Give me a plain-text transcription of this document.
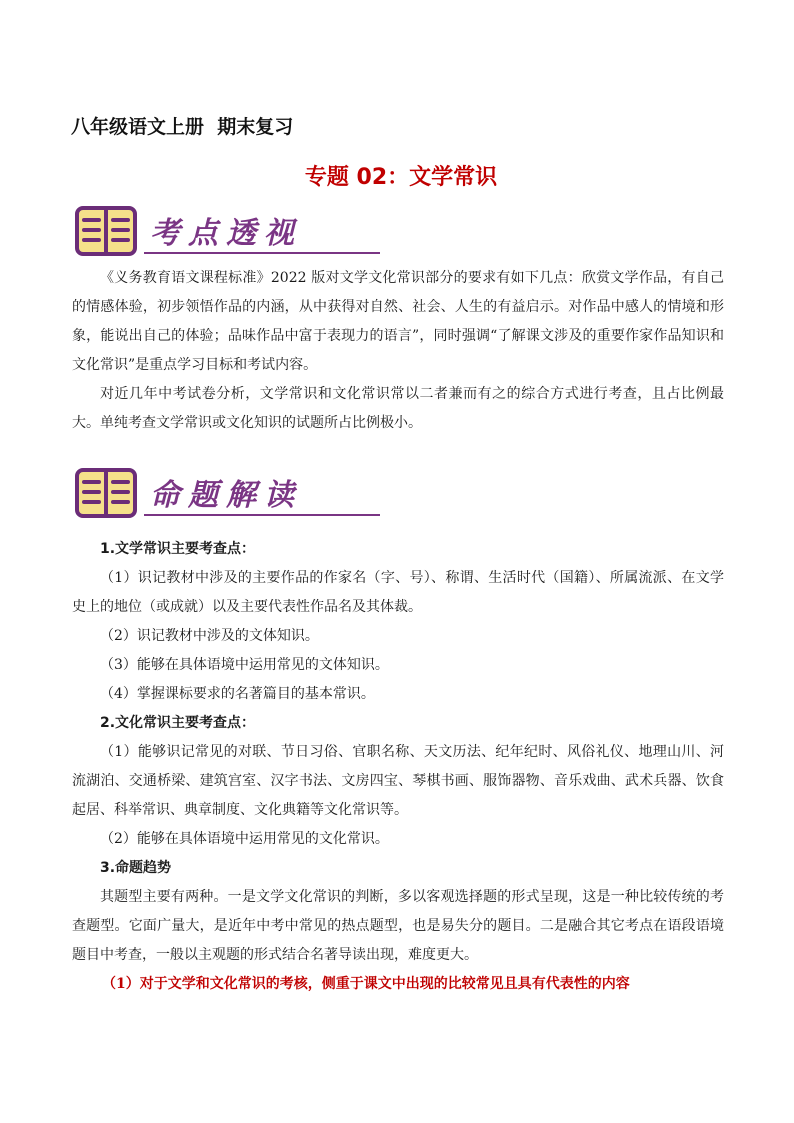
八年级语文上册  期末复习
专题 02：文学常识
考点透视

《义务教育语文课程标准》2022 版对文学文化常识部分的要求有如下几点：欣赏文学作品，有自己的情感体验，初步领悟作品的内涵，从中获得对自然、社会、人生的有益启示。对作品中感人的情境和形象，能说出自己的体验；品味作品中富于表现力的语言”，同时强调“了解课文涉及的重要作家作品知识和文化常识”是重点学习目标和考试内容。

对近几年中考试卷分析，文学常识和文化常识常以二者兼而有之的综合方式进行考查，且占比例最大。单纯考查文学常识或文化知识的试题所占比例极小。

命题解读

1.文学常识主要考查点：

（1）识记教材中涉及的主要作品的作家名（字、号）、称谓、生活时代（国籍）、所属流派、在文学史上的地位（或成就）以及主要代表性作品名及其体裁。

（2）识记教材中涉及的文体知识。

（3）能够在具体语境中运用常见的文体知识。

（4）掌握课标要求的名著篇目的基本常识。

2.文化常识主要考查点：

（1）能够识记常见的对联、节日习俗、官职名称、天文历法、纪年纪时、风俗礼仪、地理山川、河流湖泊、交通桥梁、建筑宫室、汉字书法、文房四宝、琴棋书画、服饰器物、音乐戏曲、武术兵器、饮食起居、科举常识、典章制度、文化典籍等文化常识等。

（2）能够在具体语境中运用常见的文化常识。

3.命题趋势

其题型主要有两种。一是文学文化常识的判断，多以客观选择题的形式呈现，这是一种比较传统的考查题型。它面广量大，是近年中考中常见的热点题型，也是易失分的题目。二是融合其它考点在语段语境题目中考查，一般以主观题的形式结合名著导读出现，难度更大。

（1）对于文学和文化常识的考核，侧重于课文中出现的比较常见且具有代表性的内容
